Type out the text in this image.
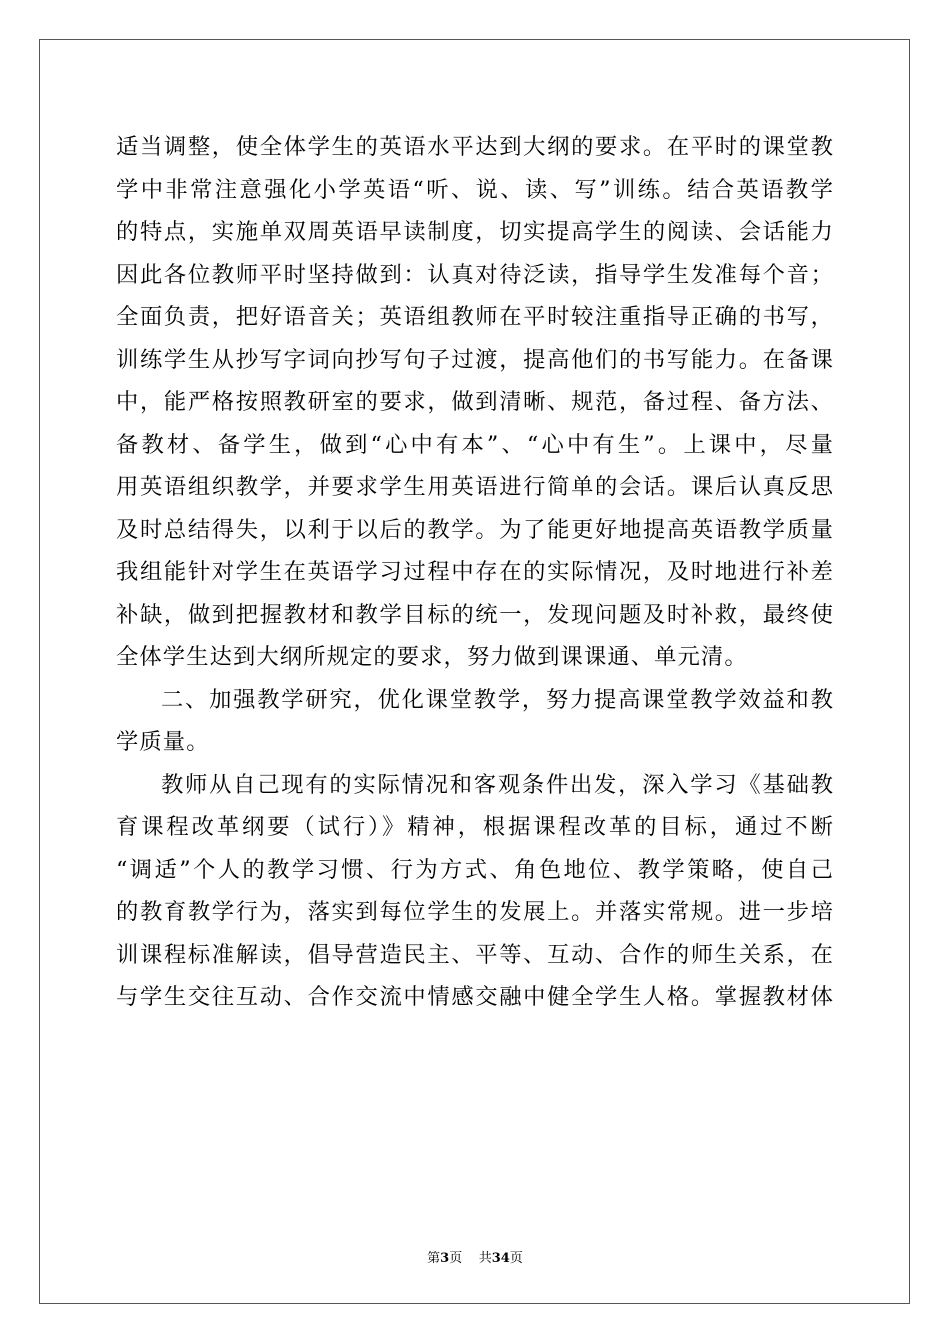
适当调整，使全体学生的英语水平达到大纲的要求。在平时的课堂教
学中非常注意强化小学英语“听、说、读、写”训练。结合英语教学
的特点，实施单双周英语早读制度，切实提高学生的阅读、会话能力
因此各位教师平时坚持做到：认真对待泛读，指导学生发准每个音；
全面负责，把好语音关；英语组教师在平时较注重指导正确的书写，
训练学生从抄写字词向抄写句子过渡，提高他们的书写能力。在备课
中，能严格按照教研室的要求，做到清晰、规范，备过程、备方法、
备教材、备学生，做到“心中有本”、“心中有生”。上课中，尽量
用英语组织教学，并要求学生用英语进行简单的会话。课后认真反思
及时总结得失，以利于以后的教学。为了能更好地提高英语教学质量
我组能针对学生在英语学习过程中存在的实际情况，及时地进行补差
补缺，做到把握教材和教学目标的统一，发现问题及时补救，最终使
全体学生达到大纲所规定的要求，努力做到课课通、单元清。
二、加强教学研究，优化课堂教学，努力提高课堂教学效益和教
学质量。
教师从自己现有的实际情况和客观条件出发，深入学习《基础教
育课程改革纲要（试行）》精神，根据课程改革的目标，通过不断
“调适”个人的教学习惯、行为方式、角色地位、教学策略，使自己
的教育教学行为，落实到每位学生的发展上。并落实常规。进一步培
训课程标准解读，倡导营造民主、平等、互动、合作的师生关系，在
与学生交往互动、合作交流中情感交融中健全学生人格。掌握教材体
第3页 共34页
